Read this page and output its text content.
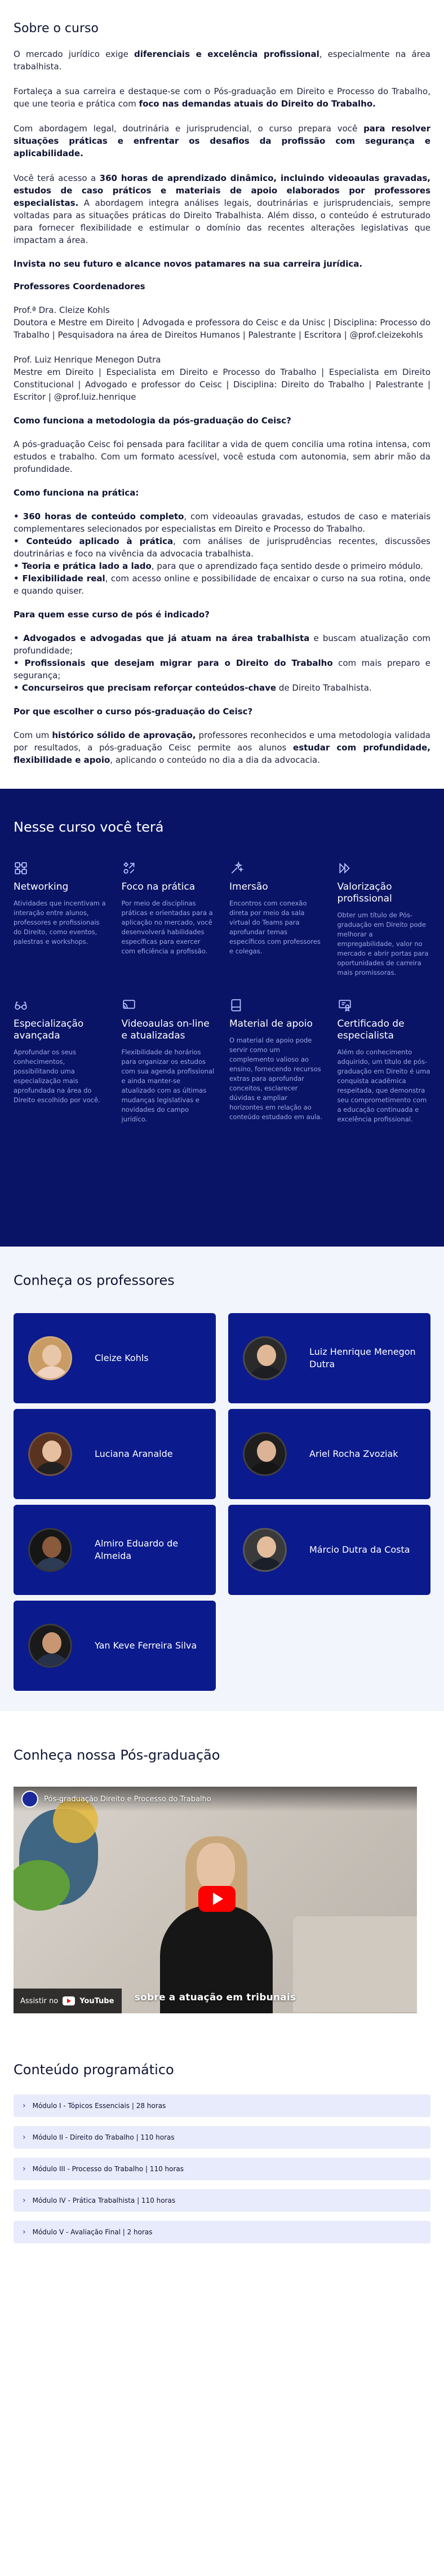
Sobre o curso

O mercado jurídico exige diferenciais e excelência profissional, especialmente na área trabalhista.

Fortaleça a sua carreira e destaque-se com o Pós-graduação em Direito e Processo do Trabalho, que une teoria e prática com foco nas demandas atuais do Direito do Trabalho.

Com abordagem legal, doutrinária e jurisprudencial, o curso prepara você para resolver situações práticas e enfrentar os desafios da profissão com segurança e aplicabilidade.

Você terá acesso a 360 horas de aprendizado dinâmico, incluindo videoaulas gravadas, estudos de caso práticos e materiais de apoio elaborados por professores especialistas. A abordagem integra análises legais, doutrinárias e jurisprudenciais, sempre voltadas para as situações práticas do Direito Trabalhista. Além disso, o conteúdo é estruturado para fornecer flexibilidade e estimular o domínio das recentes alterações legislativas que impactam a área.

Invista no seu futuro e alcance novos patamares na sua carreira jurídica.
Professores Coordenadores

Prof.ª Dra. Cleize Kohls

Doutora e Mestre em Direito | Advogada e professora do Ceisc e da Unisc | Disciplina: Processo do Trabalho | Pesquisadora na área de Direitos Humanos | Palestrante | Escritora | @prof.cleizekohls

Prof. Luiz Henrique Menegon Dutra

Mestre em Direito | Especialista em Direito e Processo do Trabalho | Especialista em Direito Constitucional | Advogado e professor do Ceisc | Disciplina: Direito do Trabalho | Palestrante | Escritor | @prof.luiz.henrique

Como funciona a metodologia da pós-graduação do Ceisc?

A pós-graduação Ceisc foi pensada para facilitar a vida de quem concilia uma rotina intensa, com estudos e trabalho. Com um formato acessível, você estuda com autonomia, sem abrir mão da profundidade.

Como funciona na prática:
• 360 horas de conteúdo completo, com videoaulas gravadas, estudos de caso e materiais complementares selecionados por especialistas em Direito e Processo do Trabalho.
• Conteúdo aplicado à prática, com análises de jurisprudências recentes, discussões doutrinárias e foco na vivência da advocacia trabalhista.
• Teoria e prática lado a lado, para que o aprendizado faça sentido desde o primeiro módulo.
• Flexibilidade real, com acesso online e possibilidade de encaixar o curso na sua rotina, onde e quando quiser.
Para quem esse curso de pós é indicado?
• Advogados e advogadas que já atuam na área trabalhista e buscam atualização com profundidade;
• Profissionais que desejam migrar para o Direito do Trabalho com mais preparo e segurança;
• Concurseiros que precisam reforçar conteúdos-chave de Direito Trabalhista.
Por que escolher o curso pós-graduação do Ceisc?

Com um histórico sólido de aprovação, professores reconhecidos e uma metodologia validada por resultados, a pós-graduação Ceisc permite aos alunos estudar com profundidade, flexibilidade e apoio, aplicando o conteúdo no dia a dia da advocacia.

Nesse curso você terá
Networking

Atividades que incentivam a interação entre alunos, professores e profissionais do Direito, como eventos, palestras e workshops.

Foco na prática

Por meio de disciplinas práticas e orientadas para a aplicação no mercado, você desenvolverá habilidades específicas para exercer com eficiência a profissão.

Imersão

Encontros com conexão direta por meio da sala virtual do Teams para aprofundar temas específicos com professores e colegas.

Valorização profissional

Obter um título de Pós-graduação em Direito pode melhorar a empregabilidade, valor no mercado e abrir portas para oportunidades de carreira mais promissoras.

Especialização avançada

Aprofundar os seus conhecimentos, possibilitando uma especialização mais aprofundada na área do Direito escolhido por você.

Videoaulas on-line e atualizadas

Flexibilidade de horários para organizar os estudos com sua agenda profissional e ainda manter-se atualizado com as últimas mudanças legislativas e novidades do campo jurídico.

Material de apoio

O material de apoio pode servir como um complemento valioso ao ensino, fornecendo recursos extras para aprofundar conceitos, esclarecer dúvidas e ampliar horizontes em relação ao conteúdo estudado em aula.

Certificado de especialista

Além do conhecimento adquirido, um título de pós-graduação em Direito é uma conquista acadêmica respeitada, que demonstra seu comprometimento com a educação continuada e excelência profissional.

Conheça os professores
Cleize Kohls
Luiz Henrique Menegon Dutra
Luciana Aranalde	Ariel Rocha Zvoziak
Almiro Eduardo de Almeida
Márcio Dutra da Costa
Yan Keve Ferreira Silva
Conheça nossa Pós-graduação
Pós-graduação Direito e Processo do Trabalho
sobre a atuação em tribunais
Assistir no	YouTube
Conteúdo programático
› Módulo I - Tópicos Essenciais | 28 horas
› Módulo II - Direito do Trabalho | 110 horas
› Módulo III - Processo do Trabalho | 110 horas
› Módulo IV - Prática Trabalhista | 110 horas
› Módulo V - Avaliação Final | 2 horas
